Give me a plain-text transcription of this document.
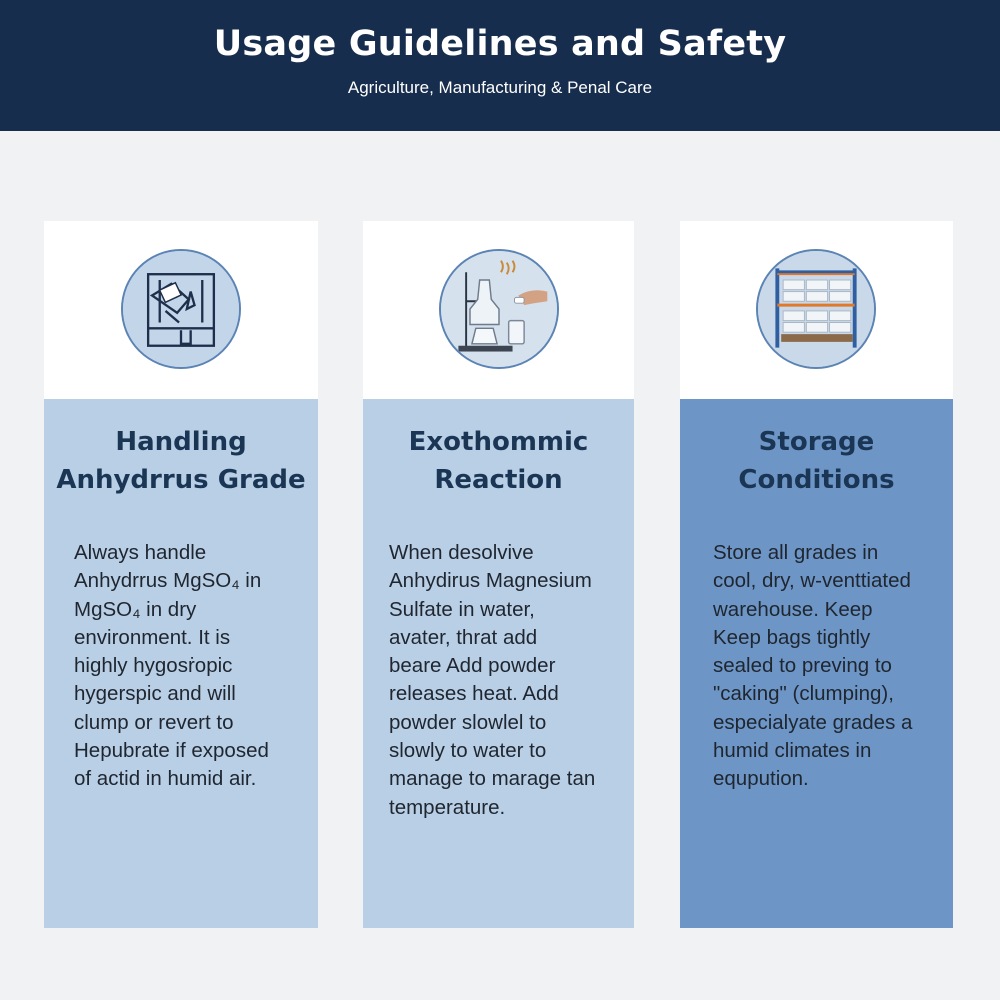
Usage Guidelines and Safety
Agriculture, Manufacturing & Penal Care
Handling
Anhydrrus Grade
Always handle
Anhydrrus MgSO₄ in
MgSO₄ in dry
environment. It is
highly hygosṙopic
hygerspic and will
clump or revert to
Hepubrate if exposed
of actid in humid air.
Exothommic
Reaction
When desolvive
Anhydirus Magnesium
Sulfate in water,
avater, thrat add
beare Add powder
releases heat. Add
powder slowlel to
slowly to water to
manage to marage tan
temperature.
Storage
Conditions
Store all grades in
cool, dry, w-venttiated
warehouse. Keep
Keep bags tightly
sealed to preving to
"caking" (clumping),
especialyate grades a
humid climates in
equpution.
